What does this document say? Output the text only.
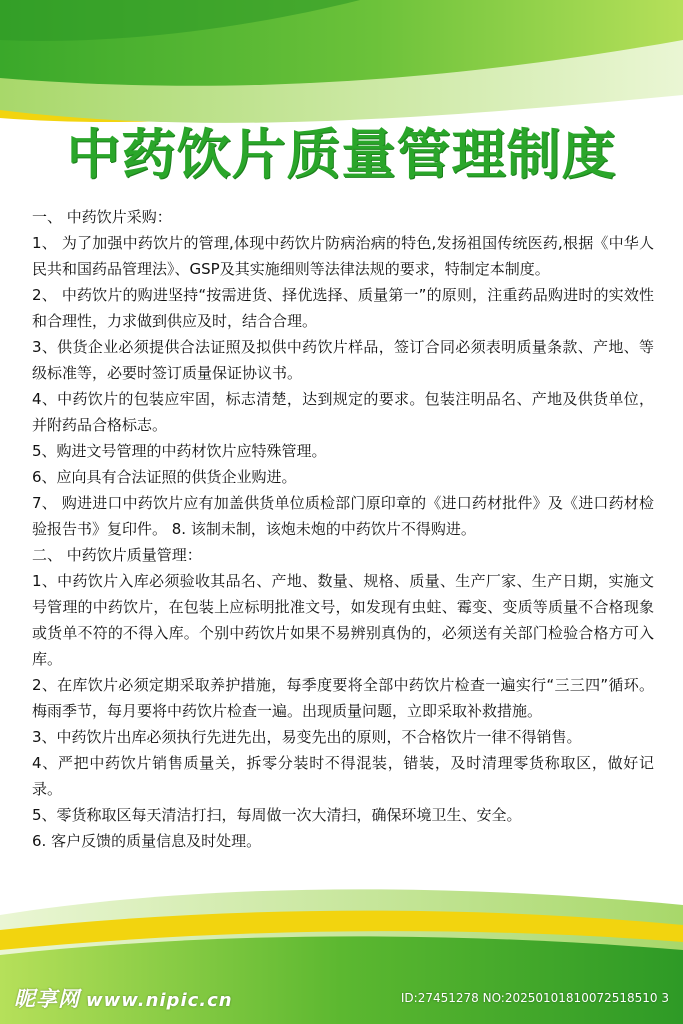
中药饮片质量管理制度

一、 中药饮片采购：

1、 为了加强中药饮片的管理,体现中药饮片防病治病的特色,发扬祖国传统医药,根据《中华人民共和国药品管理法》、GSP及其实施细则等法律法规的要求，特制定本制度。

2、 中药饮片的购进坚持“按需进货、择优选择、质量第一”的原则，注重药品购进时的实效性和合理性，力求做到供应及时，结合合理。

3、供货企业必须提供合法证照及拟供中药饮片样品，签订合同必须表明质量条款、产地、等级标准等，必要时签订质量保证协议书。

4、中药饮片的包装应牢固，标志清楚，达到规定的要求。包装注明品名、产地及供货单位，并附药品合格标志。

5、购进文号管理的中药材饮片应特殊管理。

6、应向具有合法证照的供货企业购进。

7、 购进进口中药饮片应有加盖供货单位质检部门原印章的《进口药材批件》及《进口药材检验报告书》复印件。 8. 该制未制，该炮未炮的中药饮片不得购进。

二、 中药饮片质量管理：

1、中药饮片入库必须验收其品名、产地、数量、规格、质量、生产厂家、生产日期，实施文号管理的中药饮片，在包装上应标明批准文号，如发现有虫蛀、霉变、变质等质量不合格现象或货单不符的不得入库。个别中药饮片如果不易辨别真伪的，必须送有关部门检验合格方可入库。

2、在库饮片必须定期采取养护措施，每季度要将全部中药饮片检查一遍实行“三三四”循环。梅雨季节，每月要将中药饮片检查一遍。出现质量问题，立即采取补救措施。

3、中药饮片出库必须执行先进先出，易变先出的原则，不合格饮片一律不得销售。

4、严把中药饮片销售质量关，拆零分装时不得混装，错装，及时清理零货称取区，做好记录。

5、零货称取区每天清洁打扫，每周做一次大清扫，确保环境卫生、安全。

6. 客户反馈的质量信息及时处理。

昵享网 www.nipic.cn	ID:27451278 NO:20250101810072518510 3
